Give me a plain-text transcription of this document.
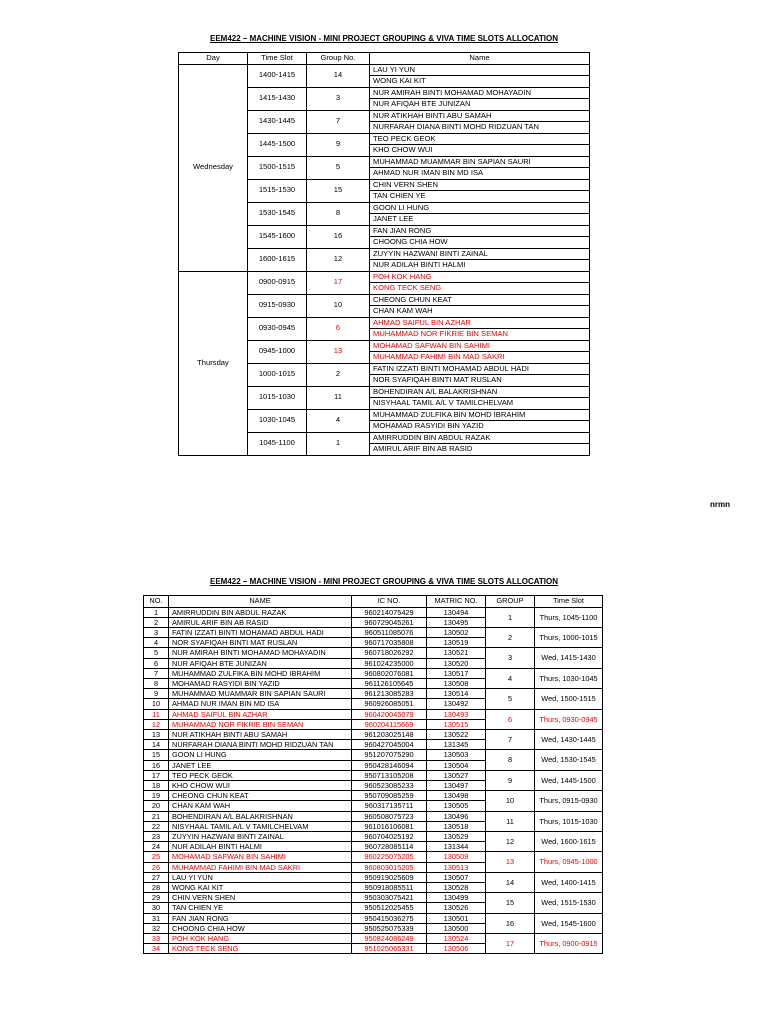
EEM422 – MACHINE VISION - MINI PROJECT GROUPING & VIVA TIME SLOTS ALLOCATION
Day	Time Slot	Group No.	Name
Wednesday	1400-1415	14	LAU YI YUN
			WONG KAI KIT
	1415-1430	3	NUR AMIRAH BINTI MOHAMAD MOHAYADIN
			NUR AFIQAH BTE JUNIZAN
	1430-1445	7	NUR ATIKHAH BINTI ABU SAMAH
			NURFARAH DIANA BINTI MOHD RIDZUAN TAN
	1445-1500	9	TEO PECK GEOK
			KHO CHOW WUI
	1500-1515	5	MUHAMMAD MUAMMAR BIN SAPIAN SAURI
			AHMAD NUR IMAN BIN MD ISA
	1515-1530	15	CHIN VERN SHEN
			TAN CHIEN YE
	1530-1545	8	GOON LI HUNG
			JANET LEE
	1545-1600	16	FAN JIAN RONG
			CHOONG CHIA HOW
	1600-1615	12	ZUYYIN HAZWANI BINTI ZAINAL
			NUR ADILAH BINTI HALMI
Thursday	0900-0915	17	POH KOK HANG
			KONG TECK SENG
	0915-0930	10	CHEONG CHUN KEAT
			CHAN KAM WAH
	0930-0945	6	AHMAD SAIFUL BIN AZHAR
			MUHAMMAD NOR FIKRIE BIN SEMAN
	0945-1000	13	MOHAMAD SAFWAN BIN SAHIMI
			MUHAMMAD FAHIMI BIN MAD SAKRI
	1000-1015	2	FATIN IZZATI BINTI MOHAMAD ABDUL HADI
			NOR SYAFIQAH BINTI MAT RUSLAN
	1015-1030	11	BOHENDIRAN A/L BALAKRISHNAN
			NISYHAAL TAMIL A/L V TAMILCHELVAM
	1030-1045	4	MUHAMMAD ZULFIKA BIN MOHD IBRAHIM
			MOHAMAD RASYIDI BIN YAZID
	1045-1100	1	AMIRRUDDIN BIN ABDUL RAZAK
			AMIRUL ARIF BIN AB RASID
nrmn
EEM422 – MACHINE VISION - MINI PROJECT GROUPING & VIVA TIME SLOTS ALLOCATION
NO.	NAME	IC NO.	MATRIC NO.	GROUP	Time Slot
1	AMIRRUDDIN BIN ABDUL RAZAK	960214075429	130494	1	Thurs, 1045-1100
2	AMIRUL ARIF BIN AB RASID	960729045261	130495		
3	FATIN IZZATI BINTI MOHAMAD ABDUL HADI	960511085076	130502	2	Thurs, 1000-1015
4	NOR SYAFIQAH BINTI MAT RUSLAN	960717035808	130519		
5	NUR AMIRAH BINTI MOHAMAD MOHAYADIN	960718026292	130521	3	Wed, 1415-1430
6	NUR AFIQAH BTE JUNIZAN	961024235000	130520		
7	MUHAMMAD ZULFIKA BIN MOHD IBRAHIM	960802076081	130517	4	Thurs, 1030-1045
8	MOHAMAD RASYIDI BIN YAZID	961126105645	130508		
9	MUHAMMAD MUAMMAR BIN SAPIAN SAURI	961213085283	130514	5	Wed, 1500-1515
10	AHMAD NUR IMAN BIN MD ISA	960926085051	130492		
11	AHMAD SAIFUL BIN AZHAR	960420045079	130493	6	Thurs, 0930-0945
12	MUHAMMAD NOR FIKRIE BIN SEMAN	960204115669	130515		
13	NUR ATIKHAH BINTI ABU SAMAH	961203025148	130522	7	Wed, 1430-1445
14	NURFARAH DIANA BINTI MOHD RIDZUAN TAN	960427045004	131345		
15	GOON LI HUNG	951207075290	130503	8	Wed, 1530-1545
16	JANET LEE	950428146094	130504		
17	TEO PECK GEOK	950713105208	130527	9	Wed, 1445-1500
18	KHO CHOW WUI	960523085233	130497		
19	CHEONG CHUN KEAT	950709085259	130498	10	Thurs, 0915-0930
20	CHAN KAM WAH	960317135711	130505		
21	BOHENDIRAN A/L BALAKRISHNAN	960508075723	130496	11	Thurs, 1015-1030
22	NISYHAAL TAMIL A/L V TAMILCHELVAM	961016106081	130518		
23	ZUYYIN HAZWANI BINTI ZAINAL	960704025192	130529	12	Wed, 1600-1615
24	NUR ADILAH BINTI HALMI	960728085114	131344		
25	MOHAMAD SAFWAN BIN SAHIMI	960225075205	130509	13	Thurs, 0945-1000
26	MUHAMMAD FAHIMI BIN MAD SAKRI	960803015205	130513		
27	LAU YI YUN	950919025609	130507	14	Wed, 1400-1415
28	WONG KAI KIT	950918085511	130528		
29	CHIN VERN SHEN	950303075421	130499	15	Wed, 1515-1530
30	TAN CHIEN YE	950512025455	130526		
31	FAN JIAN RONG	950415036275	130501	16	Wed, 1545-1600
32	CHOONG CHIA HOW	950525075339	130500		
33	POH KOK HANG	950824086249	130524	17	Thurs, 0900-0915
34	KONG TECK SENG	951025065331	130506		
